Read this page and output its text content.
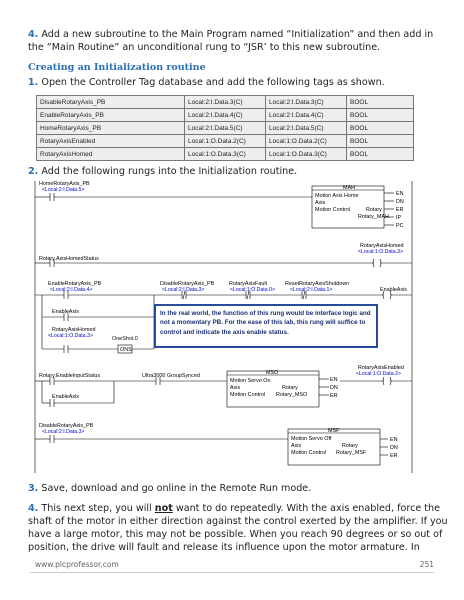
4. Add a new subroutine to the Main Program named “Initialization” and then add in the “Main Routine” an unconditional rung to “JSR’ to this new subroutine.
Creating an Initialization routine
1. Open the Controller Tag database and add the following tags as shown.
DisableRotaryAxis_PB	Local:2:I.Data.3(C)	Local:2:I.Data.3(C)	BOOL
EnableRotaryAxis_PB	Local:2:I.Data.4(C)	Local:2:I.Data.4(C)	BOOL
HomeRotaryAxis_PB	Local:2:I.Data.5(C)	Local:2:I.Data.5(C)	BOOL
RotaryAxisEnabled	Local:1:O.Data.2(C)	Local:1:O.Data.2(C)	BOOL
RotaryAxisHomed	Local:1:O.Data.3(C)	Local:1:O.Data.3(C)	BOOL
2. Add the following rungs into the Initialization routine.
HomeRotaryAxis_PB
<Local:2:I.Data.5>	MAH
Motion Axis Home
Axis
Rotary
Motion Control
Rotary_MAH
EN
DN
ER
IP
PC
Rotary.AxisHomedStatus
RotaryAxisHomed
<Local:1:O.Data.3>
EnableRotaryAxis_PB
<Local:2:I.Data.4>
DisableRotaryAxis_PB
<Local:2:I.Data.3>
RotaryAxisFault
<Local:1:O.Data.0>
ResetRotaryAxisShutdown
<Local:2:I.Data.1>	EnableAxis
EnableAxis
RotaryAxisHomed
<Local:1:O.Data.3>	OneShot.0
ONS
Rotary.EnableInputStatus	Ultra3000 GroupSynced
EnableAxis
RotaryAxisEnabled
<Local:1:O.Data.2>
MSO
Motion Servo On
Axis	Rotary
Motion Control Rotary_MSO
EN
DN
ER
DisableRotaryAxis_PB
<Local:2:I.Data.3>	MSF
Motion Servo Off
Axis	Rotary
Motion Control Rotary_MSF
EN
DN
ER
In the real world, the function of this rung would be interface logic and not a momentary PB. For the ease of this lab, this rung will suffice to control and indicate the axis enable status.
3. Save, download and go online in the Remote Run mode.
4. This next step, you will not want to do repeatedly. With the axis enabled, force the shaft of the motor in either direction against the control exerted by the amplifier. If you have a large motor, this may not be possible. When you reach 90 degrees or so out of position, the drive will fault and release its influence upon the motor armature. In
www.plcprofessor.com	251
